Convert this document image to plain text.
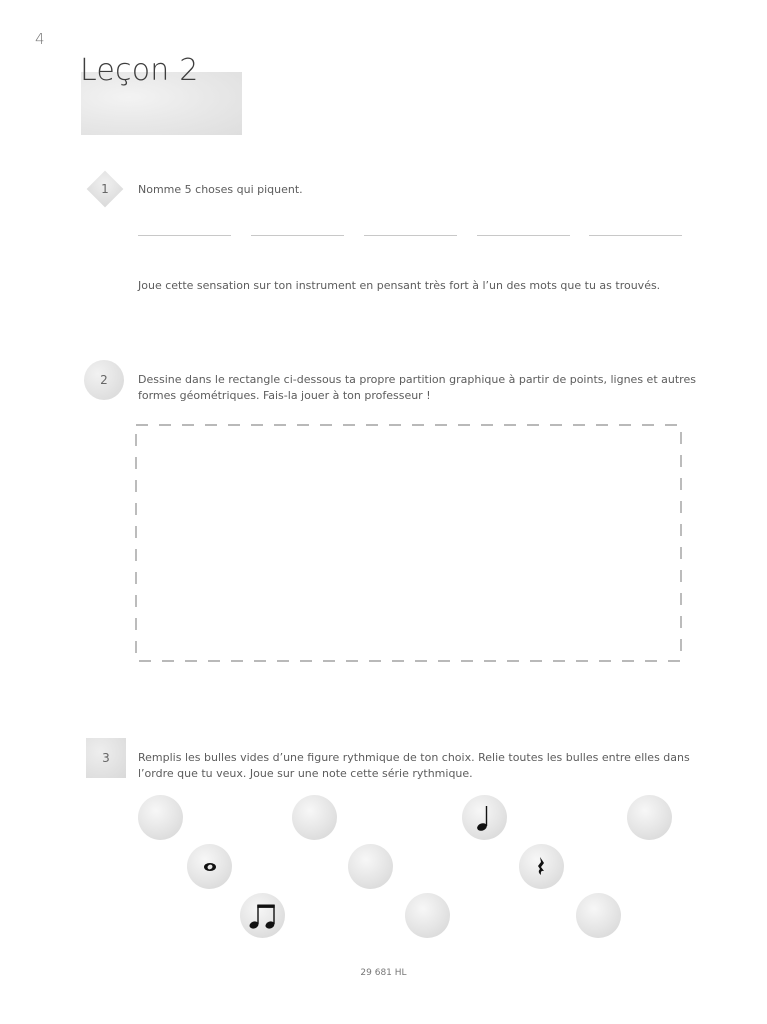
4
Leçon 2
1	Nomme 5 choses qui piquent.
Joue cette sensation sur ton instrument en pensant très fort à l’un des mots que tu as trouvés.
2	Dessine dans le rectangle ci-dessous ta propre partition graphique à partir de points, lignes et autres formes géométriques. Fais-la jouer à ton professeur !
3	Remplis les bulles vides d’une figure rythmique de ton choix. Relie toutes les bulles entre elles dans l’ordre que tu veux. Joue sur une note cette série rythmique.
29 681 HL
